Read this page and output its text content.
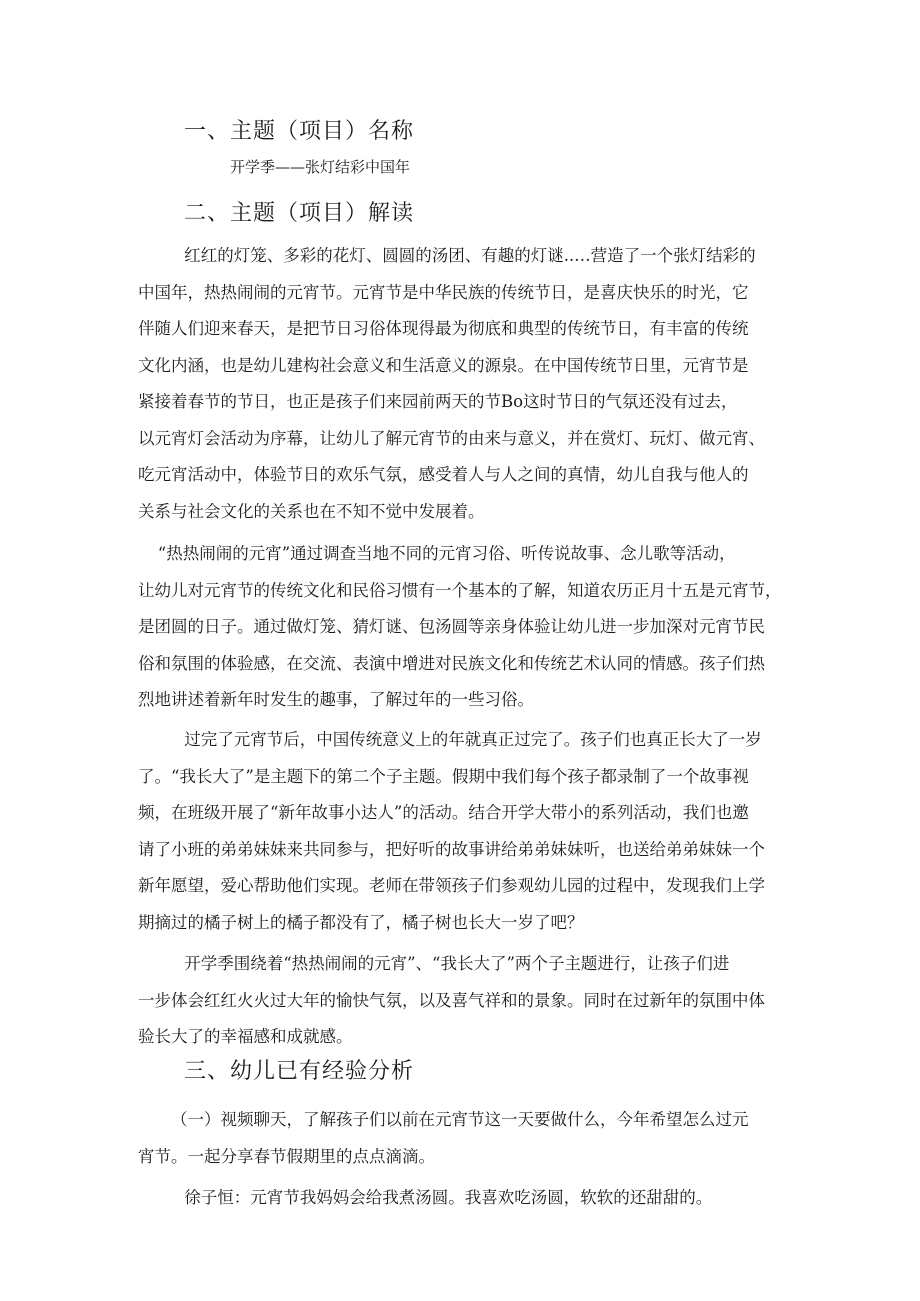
一、主题（项目）名称
开学季——张灯结彩中国年
二、主题（项目）解读
红红的灯笼、多彩的花灯、圆圆的汤团、有趣的灯谜..…营造了一个张灯结彩的
中国年，热热闹闹的元宵节。元宵节是中华民族的传统节日，是喜庆快乐的时光，它
伴随人们迎来春天，是把节日习俗体现得最为彻底和典型的传统节日，有丰富的传统
文化内涵，也是幼儿建构社会意义和生活意义的源泉。在中国传统节日里，元宵节是
紧接着春节的节日，也正是孩子们来园前两天的节Bo这时节日的气氛还没有过去，
以元宵灯会活动为序幕，让幼儿了解元宵节的由来与意义，并在赏灯、玩灯、做元宵、
吃元宵活动中，体验节日的欢乐气氛，感受着人与人之间的真情，幼儿自我与他人的
关系与社会文化的关系也在不知不觉中发展着。
“热热闹闹的元宵”通过调查当地不同的元宵习俗、听传说故事、念儿歌等活动，
让幼儿对元宵节的传统文化和民俗习惯有一个基本的了解，知道农历正月十五是元宵节，
是团圆的日子。通过做灯笼、猜灯谜、包汤圆等亲身体验让幼儿进一步加深对元宵节民
俗和氛围的体验感，在交流、表演中增进对民族文化和传统艺术认同的情感。孩子们热
烈地讲述着新年时发生的趣事，了解过年的一些习俗。
过完了元宵节后，中国传统意义上的年就真正过完了。孩子们也真正长大了一岁
了。“我长大了”是主题下的第二个子主题。假期中我们每个孩子都录制了一个故事视
频，在班级开展了“新年故事小达人”的活动。结合开学大带小的系列活动，我们也邀
请了小班的弟弟妹妹来共同参与，把好听的故事讲给弟弟妹妹听，也送给弟弟妹妹一个
新年愿望，爱心帮助他们实现。老师在带领孩子们参观幼儿园的过程中，发现我们上学
期摘过的橘子树上的橘子都没有了，橘子树也长大一岁了吧？
开学季围绕着“热热闹闹的元宵”、“我长大了”两个子主题进行，让孩子们进
一步体会红红火火过大年的愉快气氛，以及喜气祥和的景象。同时在过新年的氛围中体
验长大了的幸福感和成就感。
三、幼儿已有经验分析
（一）视频聊天，了解孩子们以前在元宵节这一天要做什么，今年希望怎么过元
宵节。一起分享春节假期里的点点滴滴。
徐子恒：元宵节我妈妈会给我煮汤圆。我喜欢吃汤圆，软软的还甜甜的。
